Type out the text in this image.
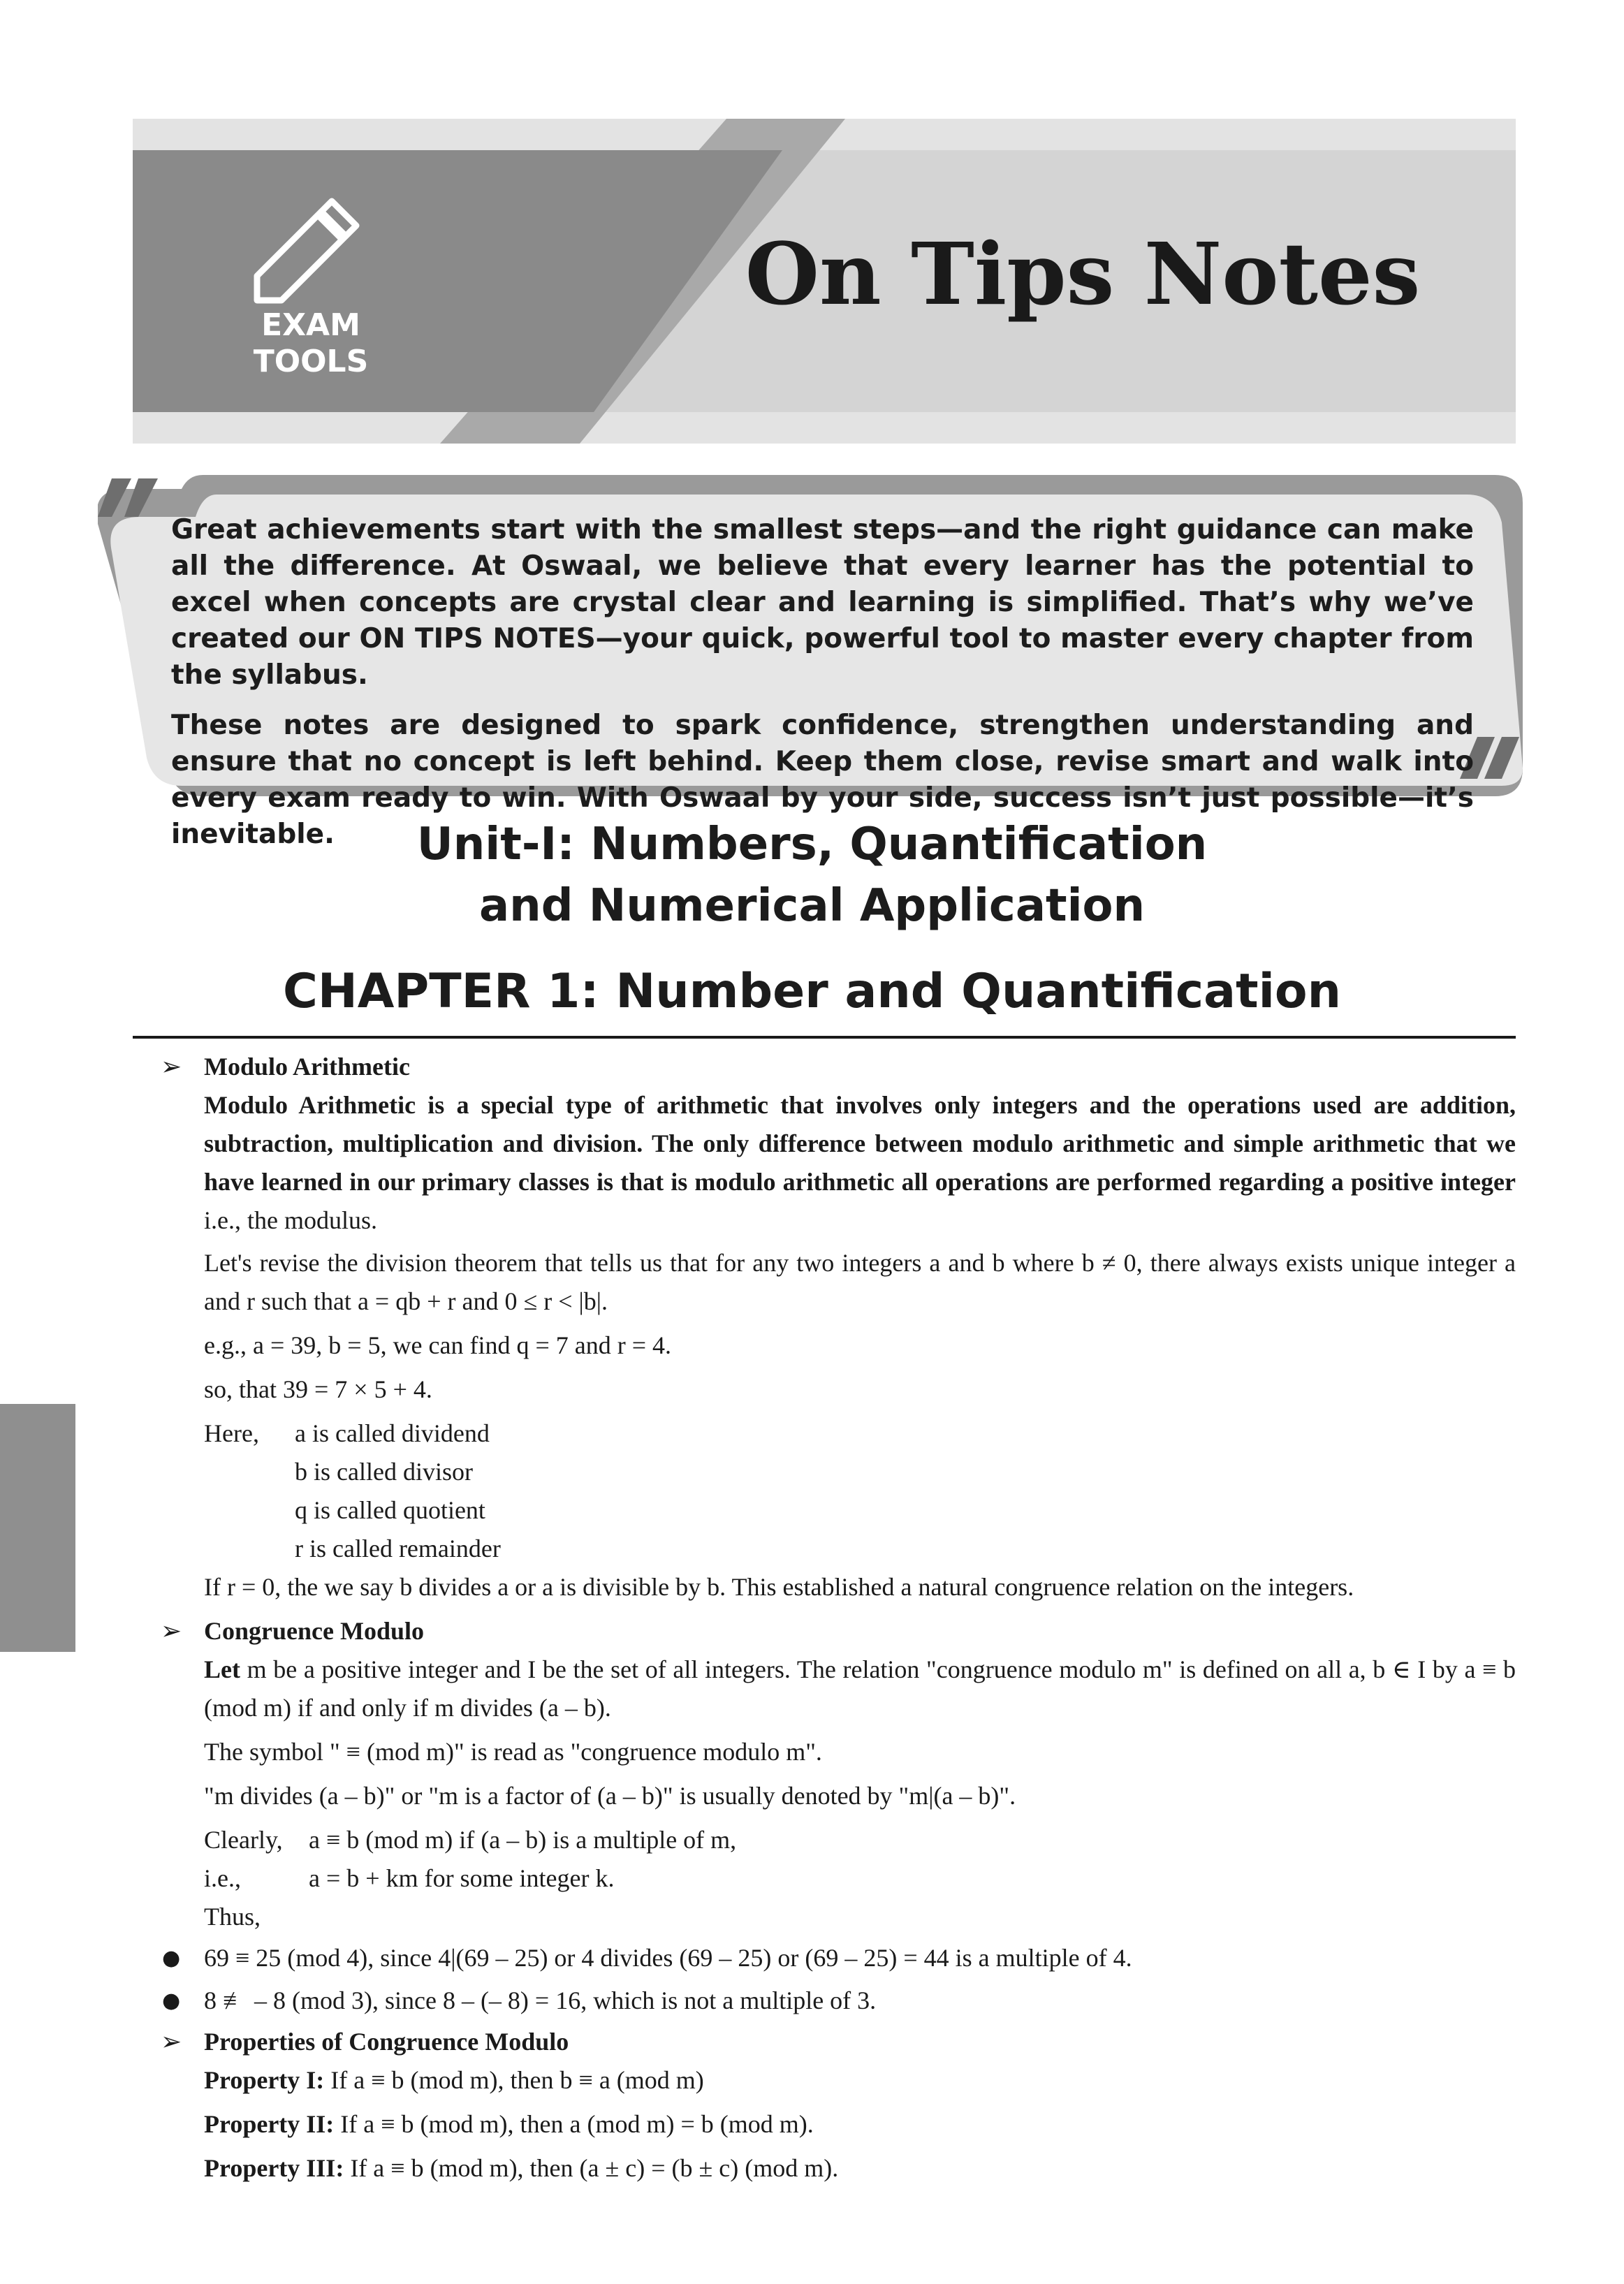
EXAM
TOOLS
On Tips Notes

Great achievements start with the smallest steps—and the right guidance can make all the difference. At Oswaal, we believe that every learner has the potential to excel when concepts are crystal clear and learning is simplified. That’s why we’ve created our ON TIPS NOTES—your quick, powerful tool to master every chapter from the syllabus.

These notes are designed to spark confidence, strengthen understanding and ensure that no concept is left behind. Keep them close, revise smart and walk into every exam ready to win. With Oswaal by your side, success isn’t just possible—it’s inevitable.	Unit-I: Numbers, Quantification
and Numerical Application
CHAPTER 1: Number and Quantification
➢ Modulo Arithmetic

Modulo Arithmetic is a special type of arithmetic that involves only integers and the operations used are addition, subtraction, multiplication and division. The only difference between modulo arithmetic and simple arithmetic that we have learned in our primary classes is that is modulo arithmetic all operations are performed regarding a positive integer i.e., the modulus.

Let's revise the division theorem that tells us that for any two integers a and b where b ≠ 0, there always exists unique integer a and r such that a = qb + r and 0 ≤ r < |b|.

e.g., a = 39, b = 5, we can find q = 7 and r = 4.

so, that 39 = 7 × 5 + 4.

Here,	a is called dividend
b is called divisor
q is called quotient
r is called remainder

If r = 0, the we say b divides a or a is divisible by b. This established a natural congruence relation on the integers.

➢ Congruence Modulo

Let m be a positive integer and I be the set of all integers. The relation "congruence modulo m" is defined on all a, b ∈ I by a ≡ b (mod m) if and only if m divides (a – b).

The symbol " ≡ (mod m)" is read as "congruence modulo m".

"m divides (a – b)" or "m is a factor of (a – b)" is usually denoted by "m|(a – b)".

Clearly,	a ≡ b (mod m) if (a – b) is a multiple of m,
i.e.,	a = b + km for some integer k.
Thus,
● 69 ≡ 25 (mod 4), since 4|(69 – 25) or 4 divides (69 – 25) or (69 – 25) = 44 is a multiple of 4.
● 8 ≢ – 8 (mod 3), since 8 – (– 8) = 16, which is not a multiple of 3.
➢ Properties of Congruence Modulo

Property I: If a ≡ b (mod m), then b ≡ a (mod m)

Property II: If a ≡ b (mod m), then a (mod m) = b (mod m).

Property III: If a ≡ b (mod m), then (a ± c) = (b ± c) (mod m).
